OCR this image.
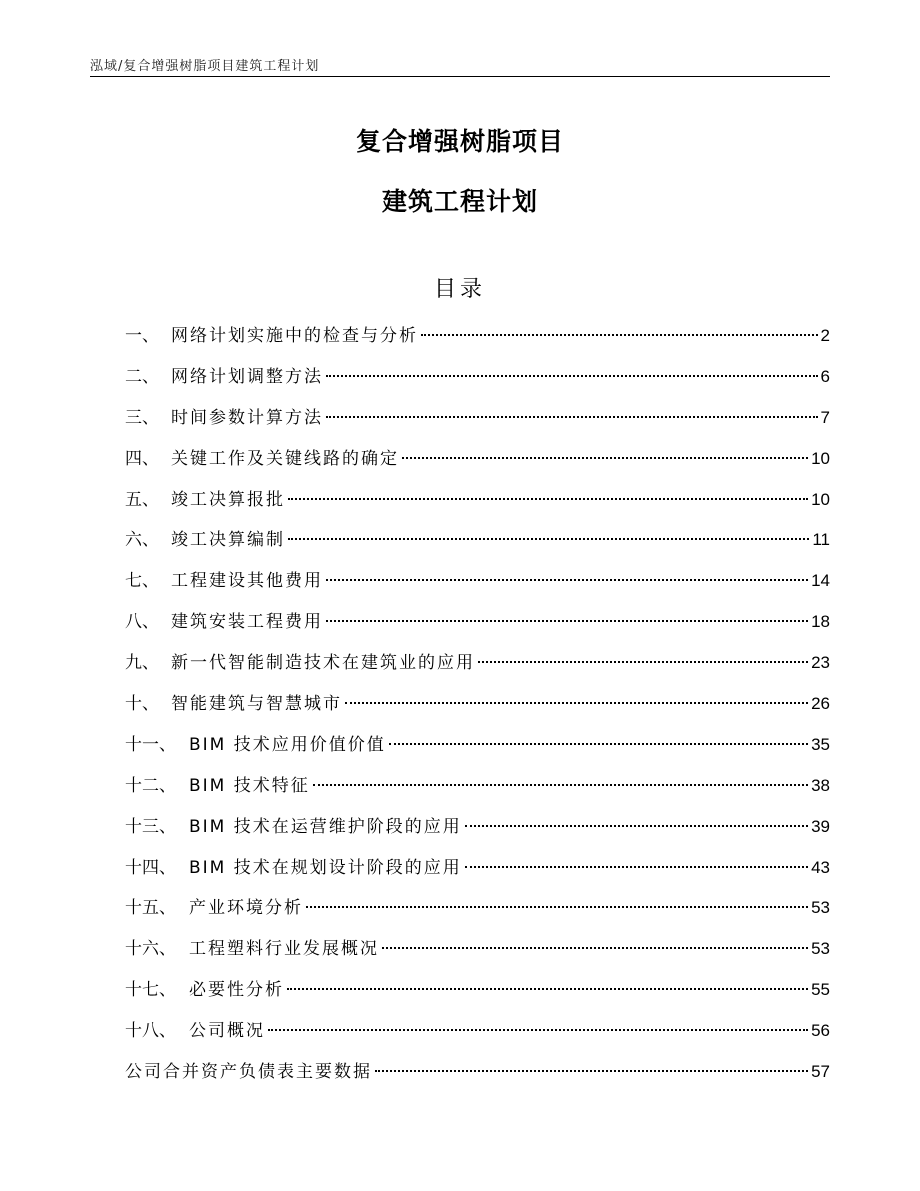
泓域/复合增强树脂项目建筑工程计划
复合增强树脂项目
建筑工程计划
目录
一、 网络计划实施中的检查与分析	2
二、 网络计划调整方法	6
三、 时间参数计算方法	7
四、 关键工作及关键线路的确定	10
五、 竣工决算报批	10
六、 竣工决算编制	11
七、 工程建设其他费用	14
八、 建筑安装工程费用	18
九、 新一代智能制造技术在建筑业的应用	23
十、 智能建筑与智慧城市	26
十一、 BIM 技术应用价值价值	35
十二、 BIM 技术特征	38
十三、 BIM 技术在运营维护阶段的应用	39
十四、 BIM 技术在规划设计阶段的应用	43
十五、 产业环境分析	53
十六、 工程塑料行业发展概况	53
十七、 必要性分析	55
十八、 公司概况	56
公司合并资产负债表主要数据	57
